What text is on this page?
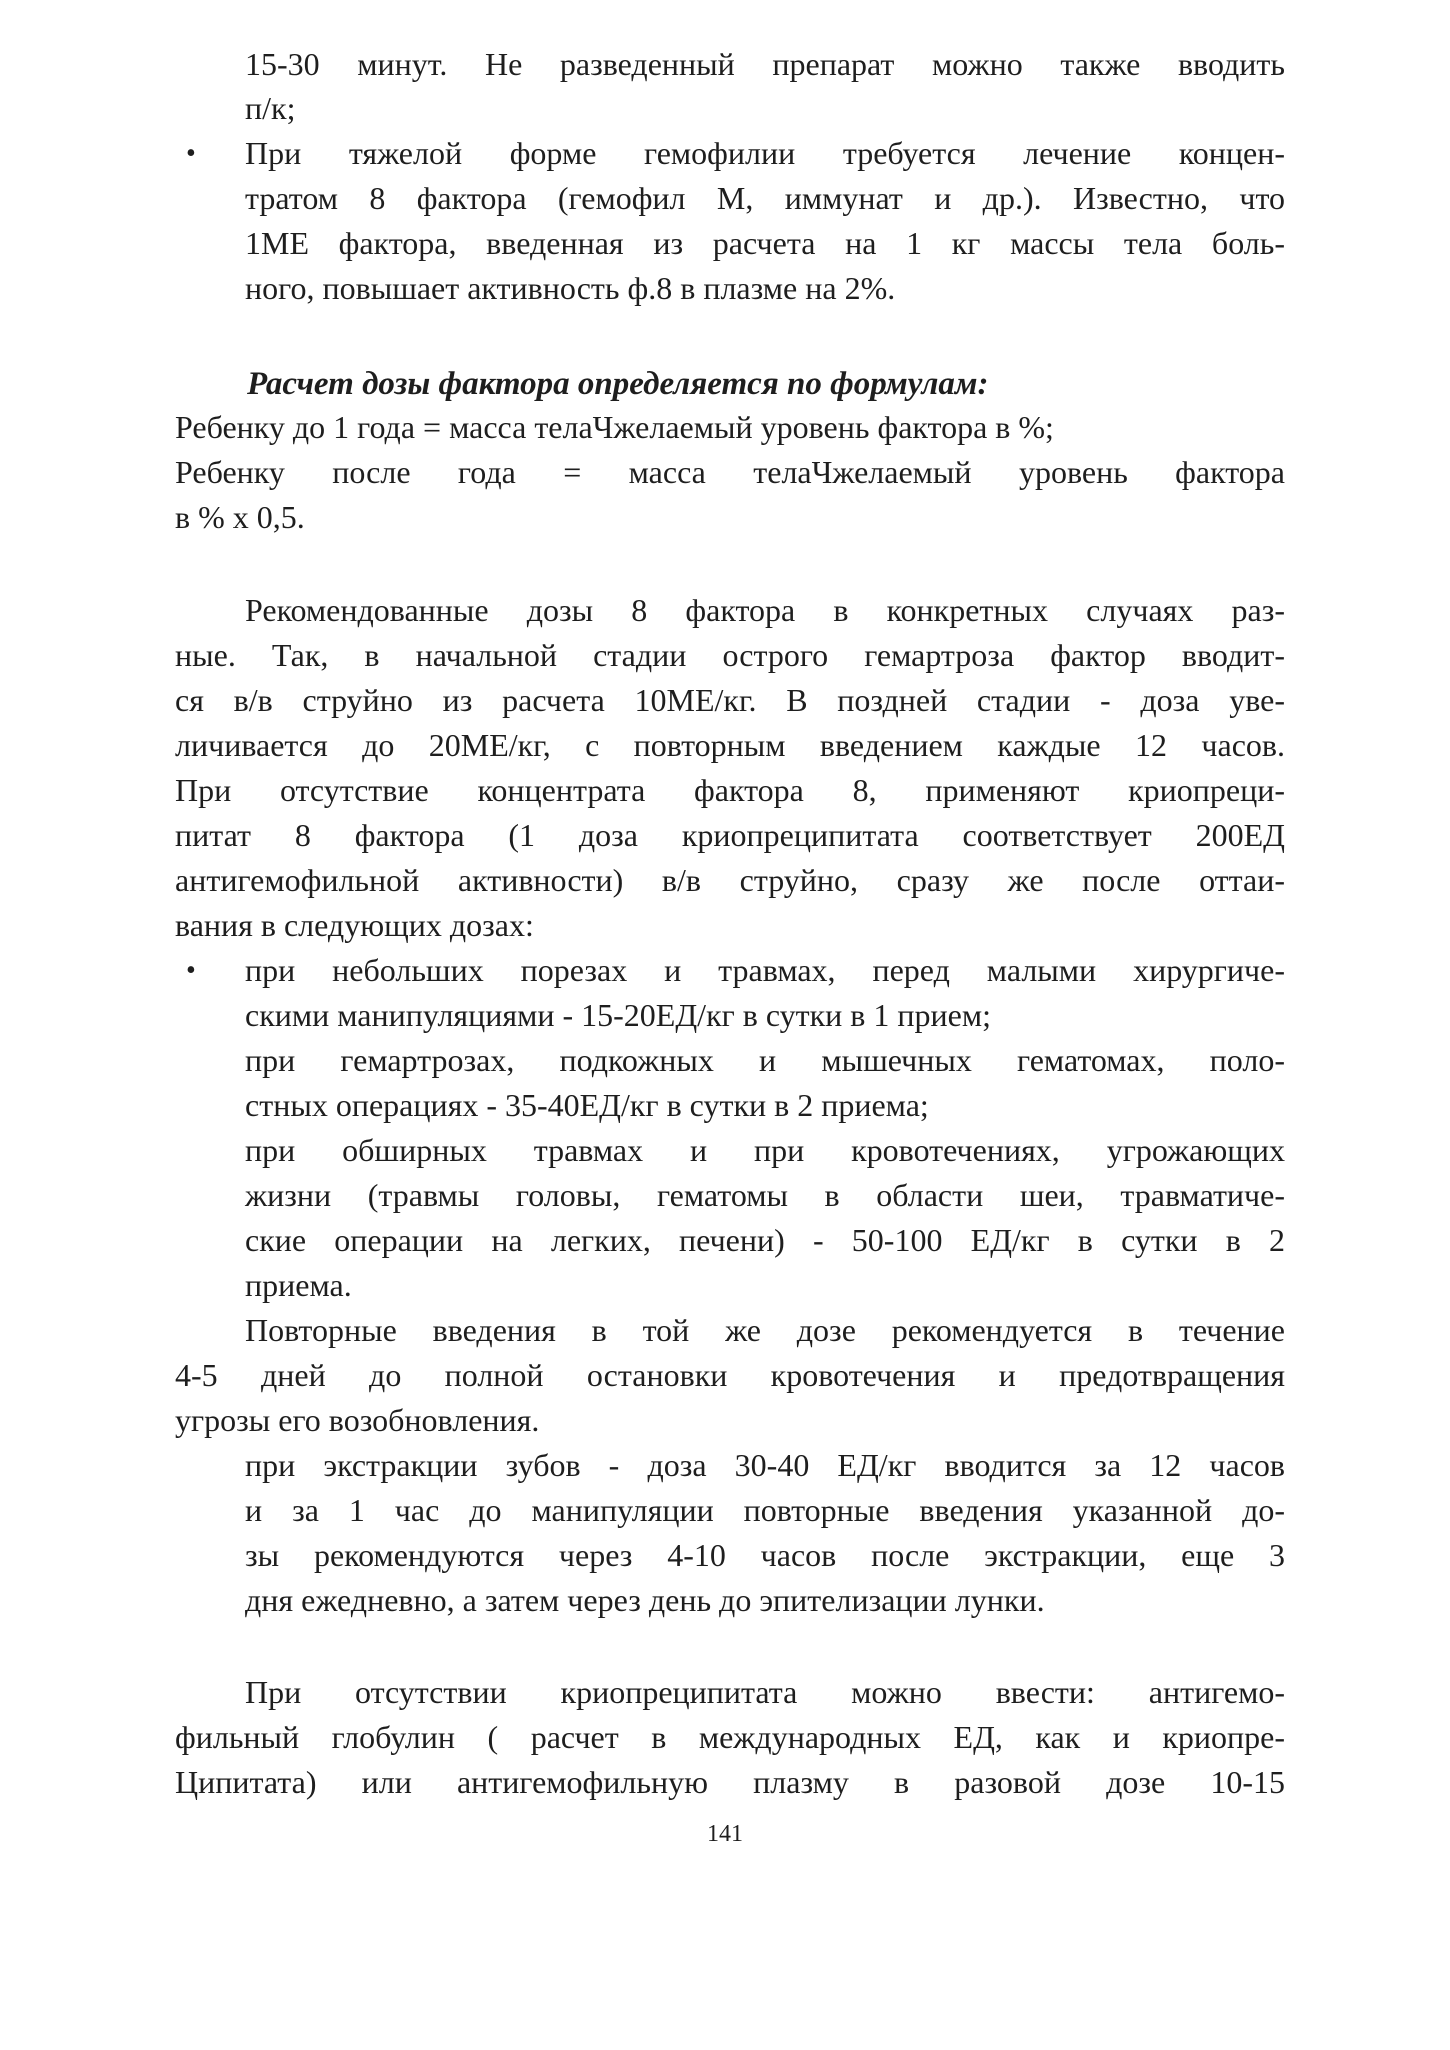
15-30 минут. Не разведенный препарат можно также вводить
п/к;
• При тяжелой форме гемофилии требуется лечение концен-
тратом 8 фактора (гемофил М, иммунат и др.). Известно, что
1МЕ фактора, введенная из расчета на 1 кг массы тела боль-
ного, повышает активность ф.8 в плазме на 2%.
Расчет дозы фактора определяется по формулам:
Ребенку до 1 года = масса телаЧжелаемый уровень фактора в %;
Ребенку после года = масса телаЧжелаемый уровень фактора
в % х 0,5.
Рекомендованные дозы 8 фактора в конкретных случаях раз-
ные. Так, в начальной стадии острого гемартроза фактор вводит-
ся в/в струйно из расчета 10МЕ/кг. В поздней стадии - доза уве-
личивается до 20МЕ/кг, с повторным введением каждые 12 часов.
При отсутствие концентрата фактора 8, применяют криопреци-
питат 8 фактора (1 доза криопреципитата соответствует 200ЕД
антигемофильной активности) в/в струйно, сразу же после оттаи-
вания в следующих дозах:
• при небольших порезах и травмах, перед малыми хирургиче-
скими манипуляциями - 15-20ЕД/кг в сутки в 1 прием;
при гемартрозах, подкожных и мышечных гематомах, поло-
стных операциях - 35-40ЕД/кг в сутки в 2 приема;
при обширных травмах и при кровотечениях, угрожающих
жизни (травмы головы, гематомы в области шеи, травматиче-
ские операции на легких, печени) - 50-100 ЕД/кг в сутки в 2
приема.
Повторные введения в той же дозе рекомендуется в течение
4-5 дней до полной остановки кровотечения и предотвращения
угрозы его возобновления.
при экстракции зубов - доза 30-40 ЕД/кг вводится за 12 часов
и за 1 час до манипуляции повторные введения указанной до-
зы рекомендуются через 4-10 часов после экстракции, еще 3
дня ежедневно, а затем через день до эпителизации лунки.
При отсутствии криопреципитата можно ввести: антигемо-
фильный глобулин ( расчет в международных ЕД, как и криопре-
Ципитата) или антигемофильную плазму в разовой дозе 10-15
141
